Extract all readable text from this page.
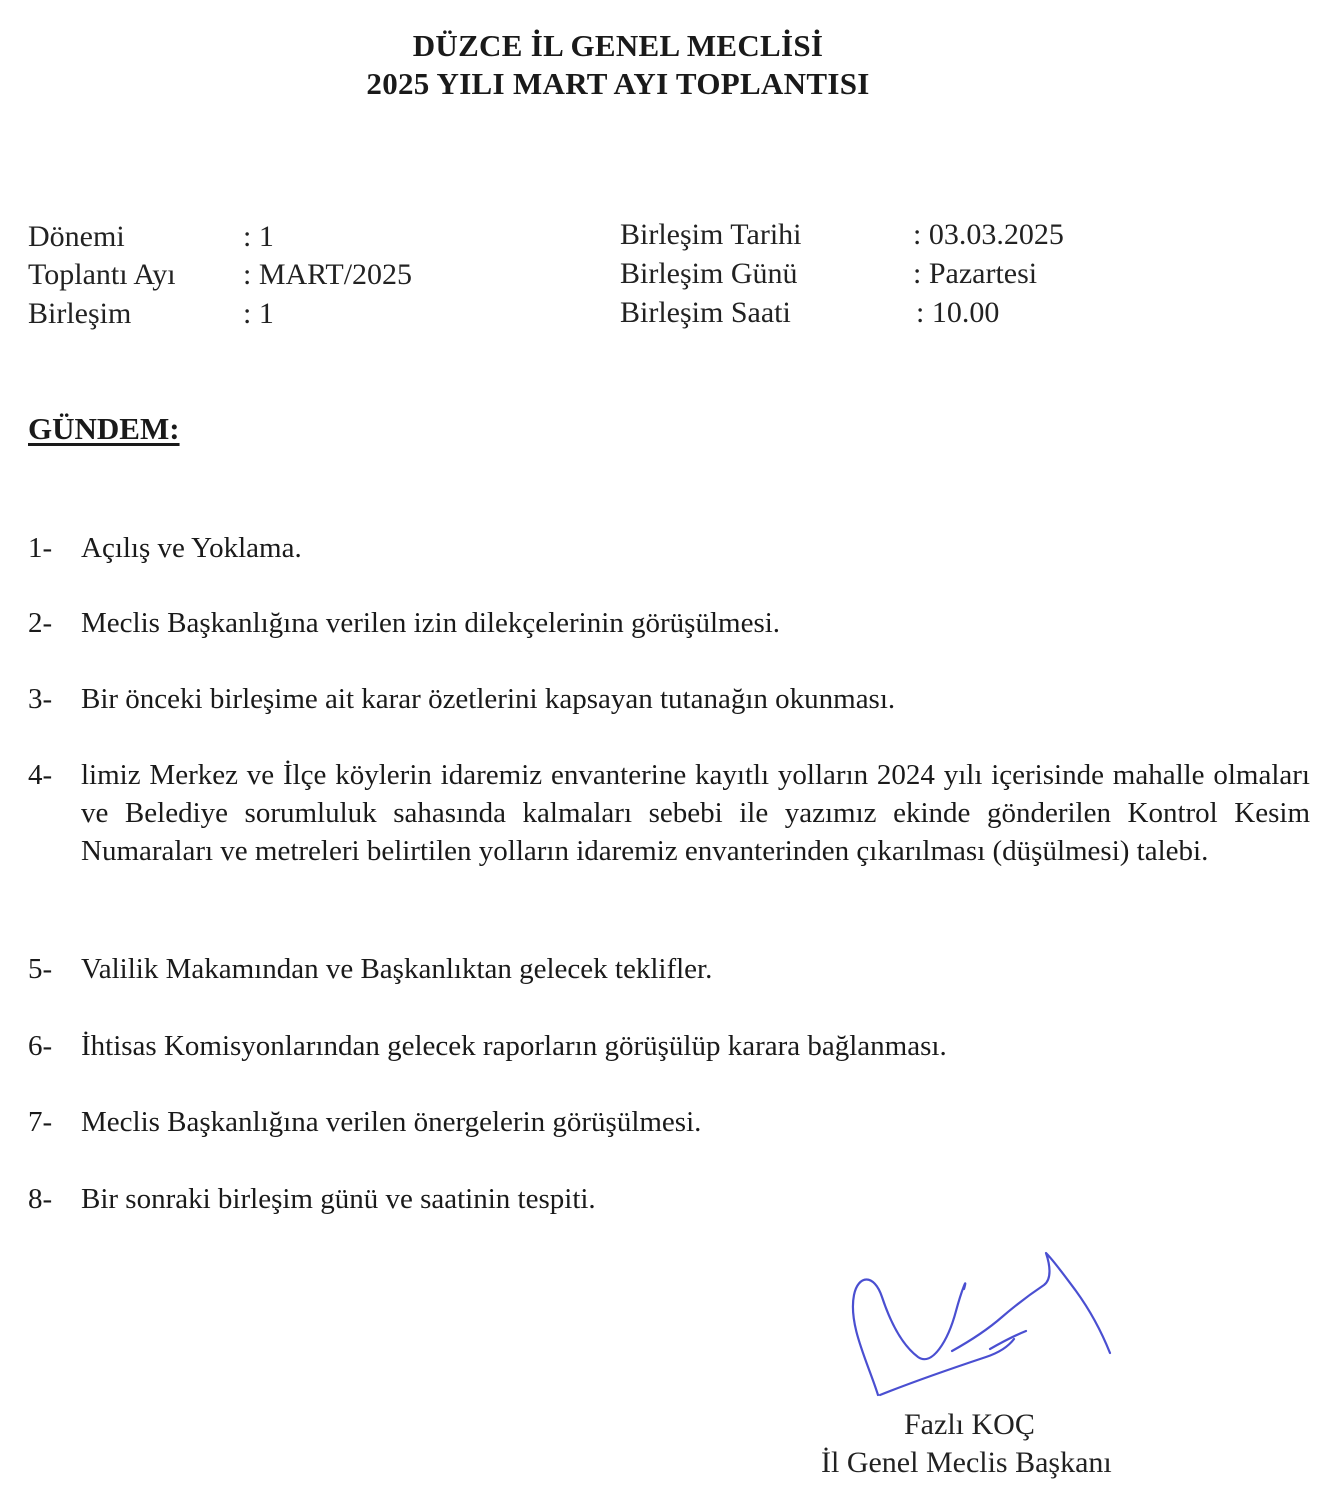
DÜZCE İL GENEL MECLİSİ
2025 YILI MART AYI TOPLANTISI
Dönemi	: 1
Toplantı Ayı : MART/2025
Birleşim	: 1
Birleşim Tarihi	: 03.03.2025
Birleşim Günü	: Pazartesi
Birleşim Saati	: 10.00
GÜNDEM:
1- Açılış ve Yoklama.
2- Meclis Başkanlığına verilen izin dilekçelerinin görüşülmesi.
3- Bir önceki birleşime ait karar özetlerini kapsayan tutanağın okunması.
4- limiz Merkez ve İlçe köylerin idaremiz envanterine kayıtlı yolların 2024 yılı içerisinde mahalle olmaları ve Belediye sorumluluk sahasında kalmaları sebebi ile yazımız ekinde gönderilen Kontrol Kesim Numaraları ve metreleri belirtilen yolların idaremiz envanterinden çıkarılması (düşülmesi) talebi.
5- Valilik Makamından ve Başkanlıktan gelecek teklifler.
6- İhtisas Komisyonlarından gelecek raporların görüşülüp karara bağlanması.
7- Meclis Başkanlığına verilen önergelerin görüşülmesi.
8- Bir sonraki birleşim günü ve saatinin tespiti.
Fazlı KOÇ
İl Genel Meclis Başkanı
